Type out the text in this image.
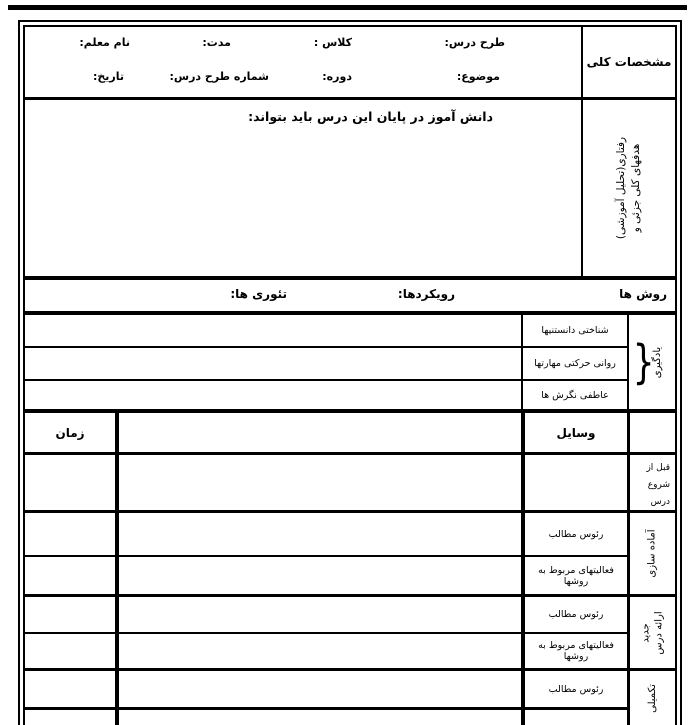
مشخصات کلی
طرح درس:
کلاس :
مدت:
نام معلم:
موضوع:
دوره:
شماره طرح درس:
تاریخ:
هدفهای کلی جزئی و
رفتاری(تحلیل آموزشی)
دانش آموز در پایان این درس باید بتواند:
روش ها
رویکردها:
تئوری ها:
{
یادگیری
شناختی دانستنیها
روانی حرکتی مهارتها
عاطفی نگرش ها
وسایل
زمان
قبل از شروع درس
آماده سازی
رئوس مطالب
فعالیتهای مربوط به روشها
ارائه درس
جدید
رئوس مطالب
فعالیتهای مربوط به روشها
تکمیلی
رئوس مطالب
